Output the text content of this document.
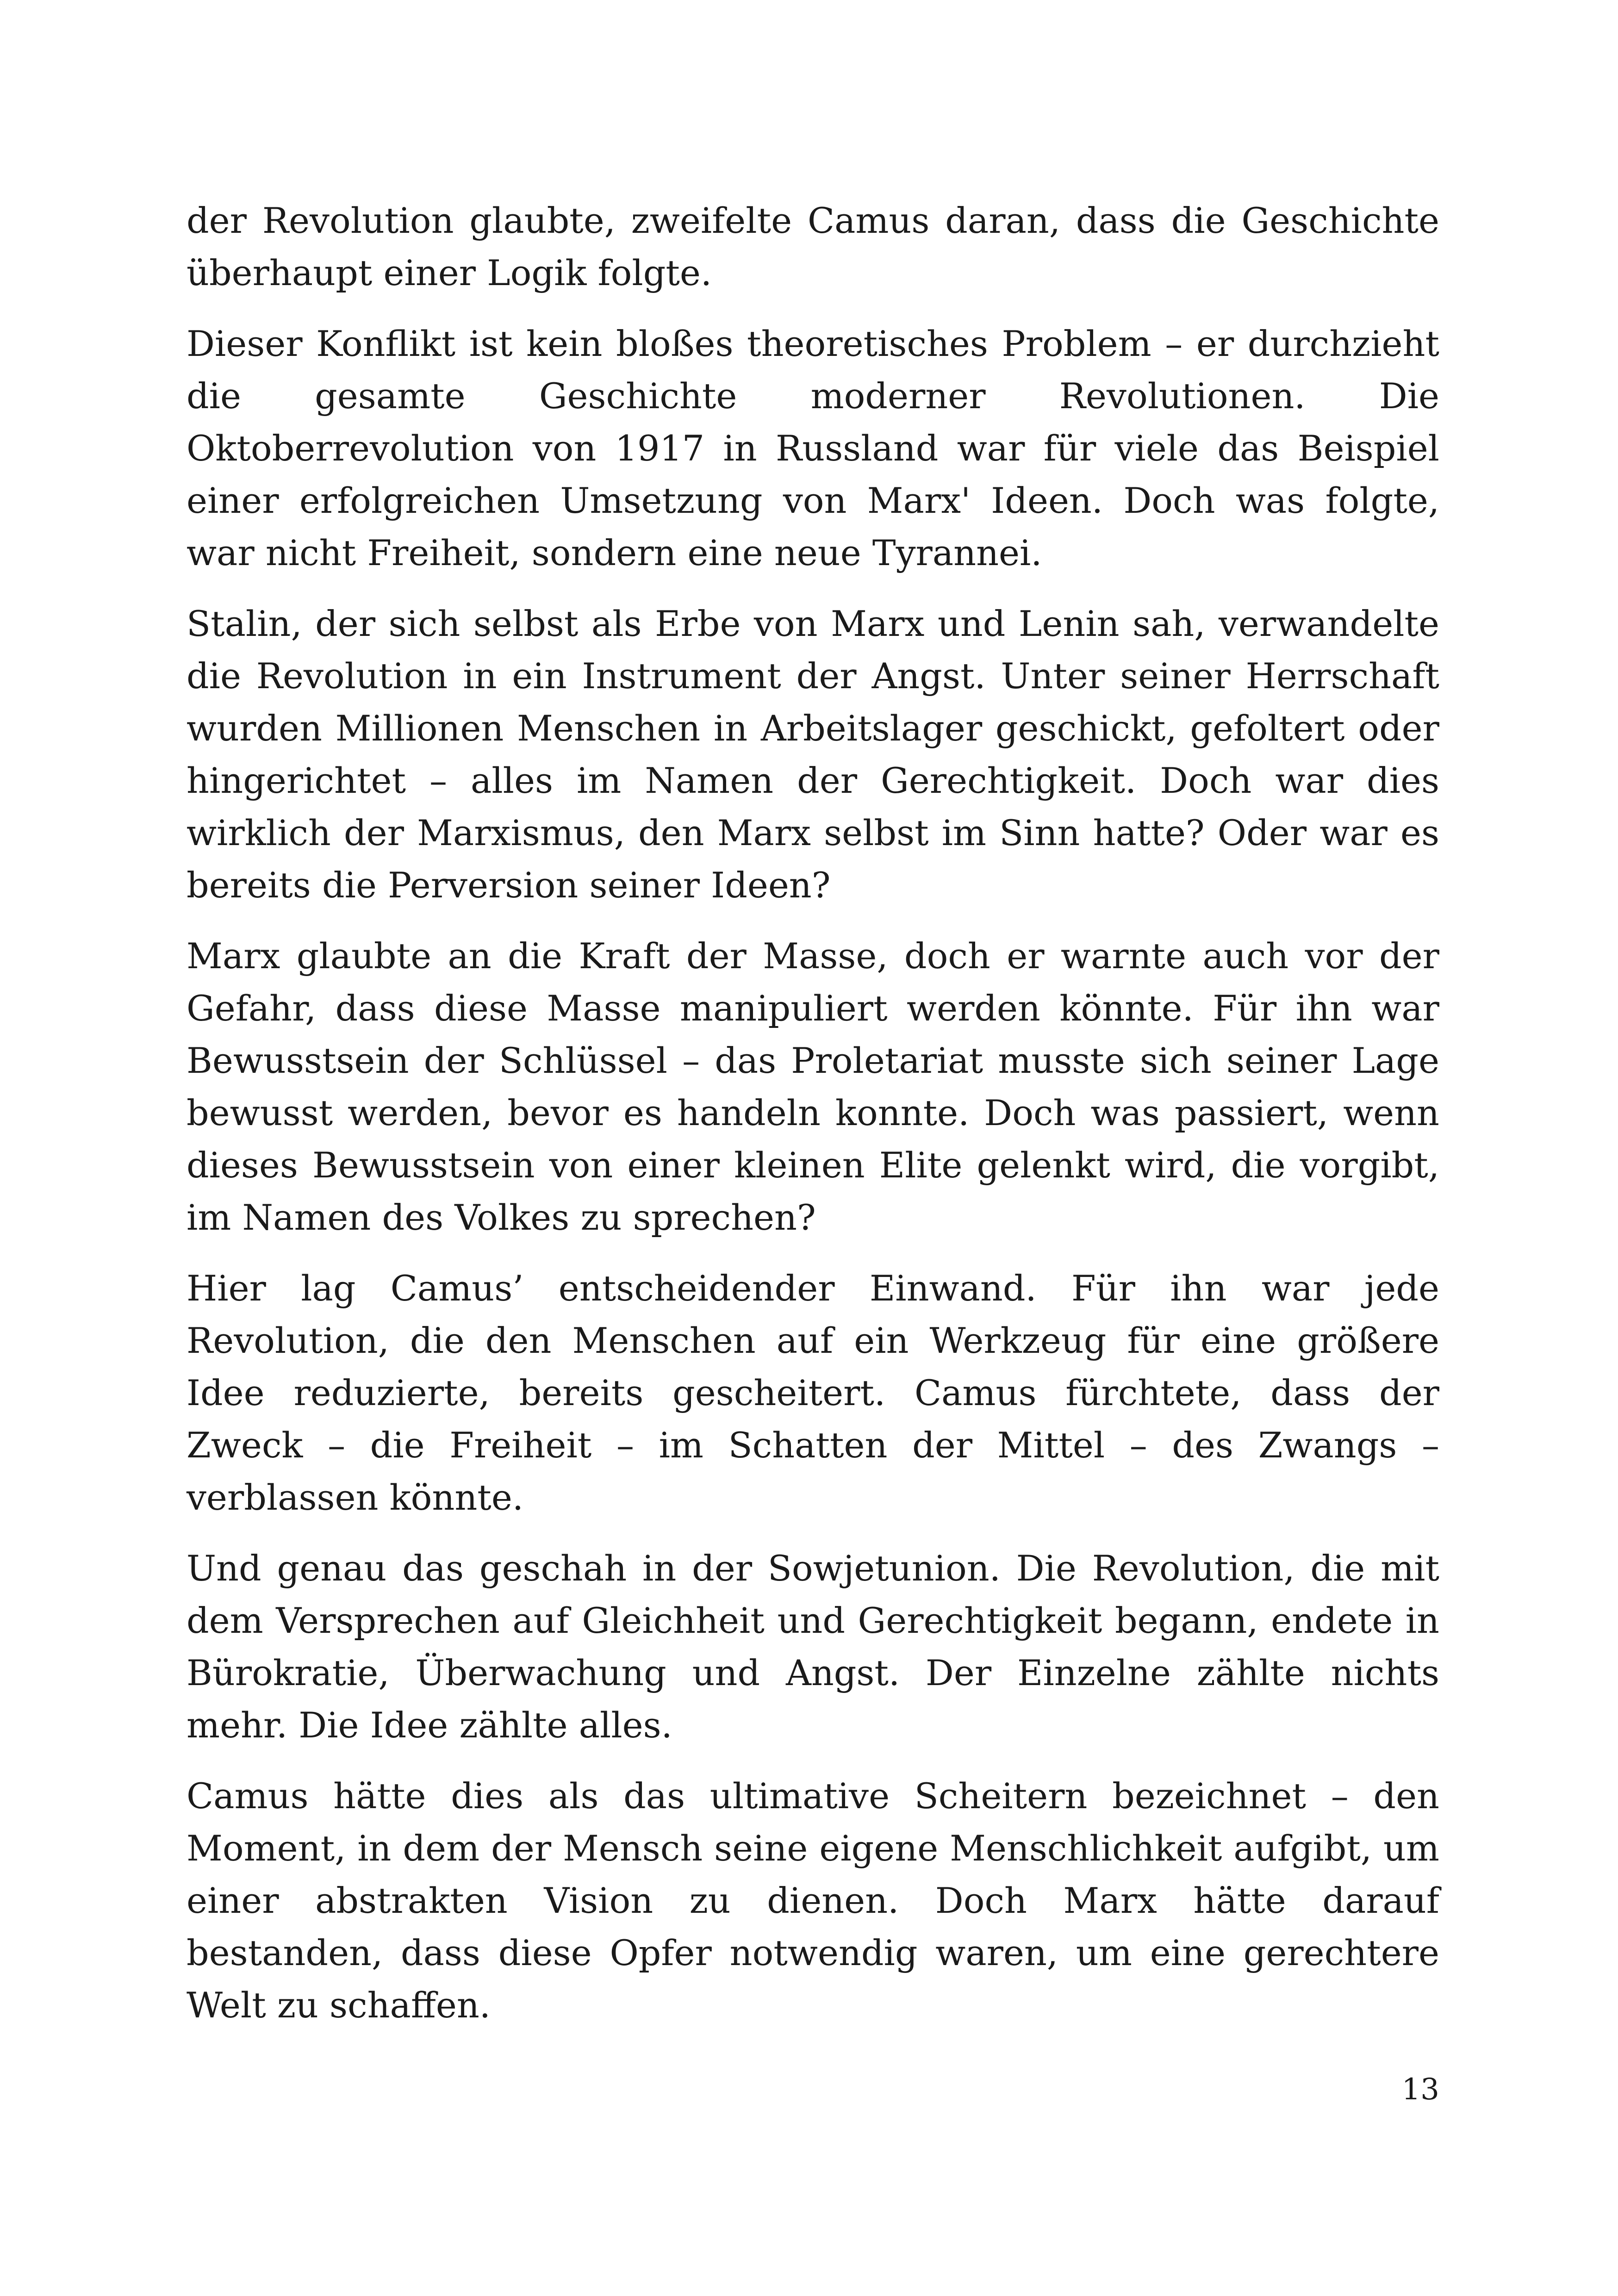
der Revolution glaubte, zweifelte Camus daran, dass die Geschichte überhaupt einer Logik folgte.

Dieser Konflikt ist kein bloßes theoretisches Problem – er durchzieht die gesamte Geschichte moderner Revolutionen. Die Oktoberrevolution von 1917 in Russland war für viele das Beispiel einer erfolgreichen Umsetzung von Marx' Ideen. Doch was folgte, war nicht Freiheit, sondern eine neue Tyrannei.

Stalin, der sich selbst als Erbe von Marx und Lenin sah, verwandelte die Revolution in ein Instrument der Angst. Unter seiner Herrschaft wurden Millionen Menschen in Arbeitslager geschickt, gefoltert oder hingerichtet – alles im Namen der Gerechtigkeit. Doch war dies wirklich der Marxismus, den Marx selbst im Sinn hatte? Oder war es bereits die Perversion seiner Ideen?

Marx glaubte an die Kraft der Masse, doch er warnte auch vor der Gefahr, dass diese Masse manipuliert werden könnte. Für ihn war Bewusstsein der Schlüssel – das Proletariat musste sich seiner Lage bewusst werden, bevor es handeln konnte. Doch was passiert, wenn dieses Bewusstsein von einer kleinen Elite gelenkt wird, die vorgibt, im Namen des Volkes zu sprechen?

Hier lag Camus’ entscheidender Einwand. Für ihn war jede Revolution, die den Menschen auf ein Werkzeug für eine größere Idee reduzierte, bereits gescheitert. Camus fürchtete, dass der Zweck – die Freiheit – im Schatten der Mittel – des Zwangs – verblassen könnte.

Und genau das geschah in der Sowjetunion. Die Revolution, die mit dem Versprechen auf Gleichheit und Gerechtigkeit begann, endete in Bürokratie, Überwachung und Angst. Der Einzelne zählte nichts mehr. Die Idee zählte alles.

Camus hätte dies als das ultimative Scheitern bezeichnet – den Moment, in dem der Mensch seine eigene Menschlichkeit aufgibt, um einer abstrakten Vision zu dienen. Doch Marx hätte darauf bestanden, dass diese Opfer notwendig waren, um eine gerechtere Welt zu schaffen.

13
